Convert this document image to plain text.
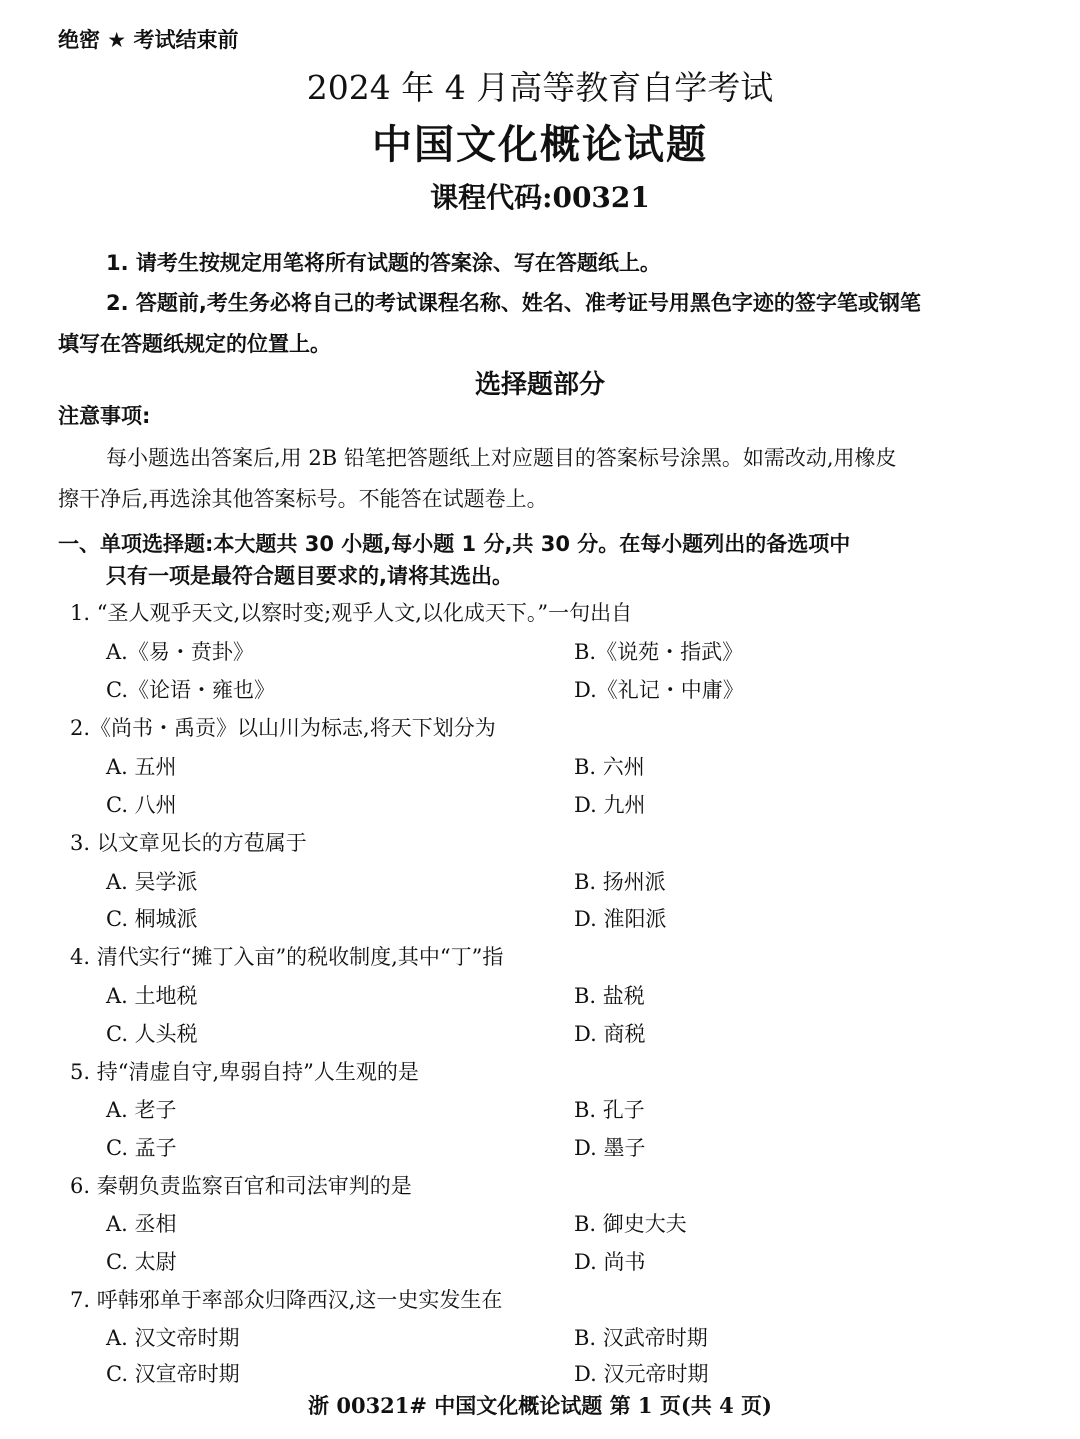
绝密 ★ 考试结束前
2024 年 4 月高等教育自学考试
中国文化概论试题
课程代码:00321
1. 请考生按规定用笔将所有试题的答案涂、写在答题纸上。
2. 答题前,考生务必将自己的考试课程名称、姓名、准考证号用黑色字迹的签字笔或钢笔
填写在答题纸规定的位置上。
选择题部分
注意事项:
每小题选出答案后,用 2B 铅笔把答题纸上对应题目的答案标号涂黑。如需改动,用橡皮
擦干净后,再选涂其他答案标号。不能答在试题卷上。
一、单项选择题:本大题共 30 小题,每小题 1 分,共 30 分。在每小题列出的备选项中
只有一项是最符合题目要求的,请将其选出。
1. “圣人观乎天文,以察时变;观乎人文,以化成天下。”一句出自
A.《易・贲卦》	B.《说苑・指武》
C.《论语・雍也》	D.《礼记・中庸》
2.《尚书・禹贡》以山川为标志,将天下划分为
A. 五州	B. 六州
C. 八州	D. 九州
3. 以文章见长的方苞属于
A. 吴学派	B. 扬州派
C. 桐城派	D. 淮阳派
4. 清代实行“摊丁入亩”的税收制度,其中“丁”指
A. 土地税	B. 盐税
C. 人头税	D. 商税
5. 持“清虚自守,卑弱自持”人生观的是
A. 老子	B. 孔子
C. 孟子	D. 墨子
6. 秦朝负责监察百官和司法审判的是
A. 丞相	B. 御史大夫
C. 太尉	D. 尚书
7. 呼韩邪单于率部众归降西汉,这一史实发生在
A. 汉文帝时期	B. 汉武帝时期
C. 汉宣帝时期	D. 汉元帝时期
浙 00321# 中国文化概论试题 第 1 页(共 4 页)
